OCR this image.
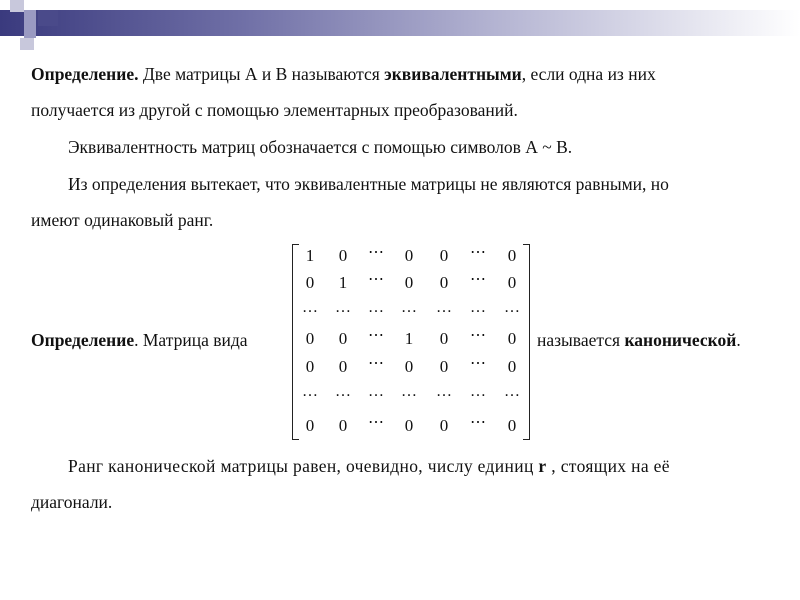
Определение. Две матрицы А и В называются эквивалентными, если одна из них
получается из другой с помощью элементарных преобразований.
Эквивалентность матриц обозначается с помощью символов А ~ В.
Из определения вытекает, что эквивалентные матрицы не являются равными, но
имеют одинаковый ранг.
Определение. Матрица вида	называется канонической.
1	0	⋯	0	0	⋯	0
0	1	⋯	0	0	⋯	0
…	…	…	…	…	…	…
0	0	⋯	1	0	⋯	0
0	0	⋯	0	0	⋯	0
…	…	…	…	…	…	…
0	0	⋯	0	0	⋯	0
Ранг канонической матрицы равен, очевидно, числу единиц r , стоящих на её
диагонали.
